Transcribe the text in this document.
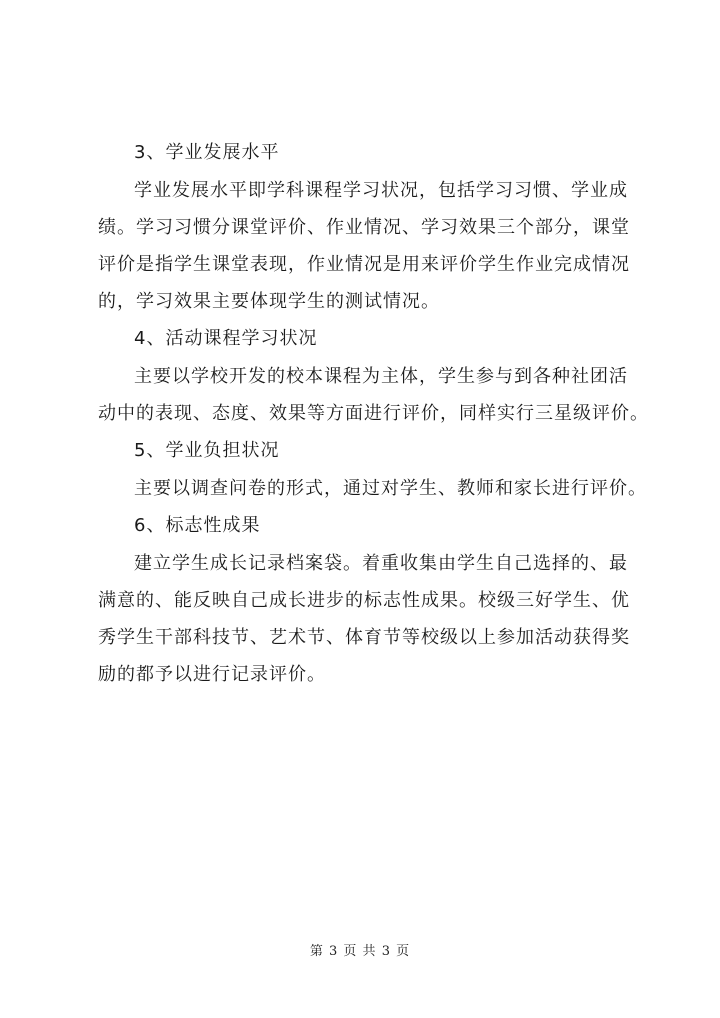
3、学业发展水平
学业发展水平即学科课程学习状况，包括学习习惯、学业成
绩。学习习惯分课堂评价、作业情况、学习效果三个部分，课堂
评价是指学生课堂表现，作业情况是用来评价学生作业完成情况
的，学习效果主要体现学生的测试情况。
4、活动课程学习状况
主要以学校开发的校本课程为主体，学生参与到各种社团活
动中的表现、态度、效果等方面进行评价，同样实行三星级评价。
5、学业负担状况
主要以调查问卷的形式，通过对学生、教师和家长进行评价。
6、标志性成果
建立学生成长记录档案袋。着重收集由学生自己选择的、最
满意的、能反映自己成长进步的标志性成果。校级三好学生、优
秀学生干部科技节、艺术节、体育节等校级以上参加活动获得奖
励的都予以进行记录评价。
第 3 页 共 3 页
